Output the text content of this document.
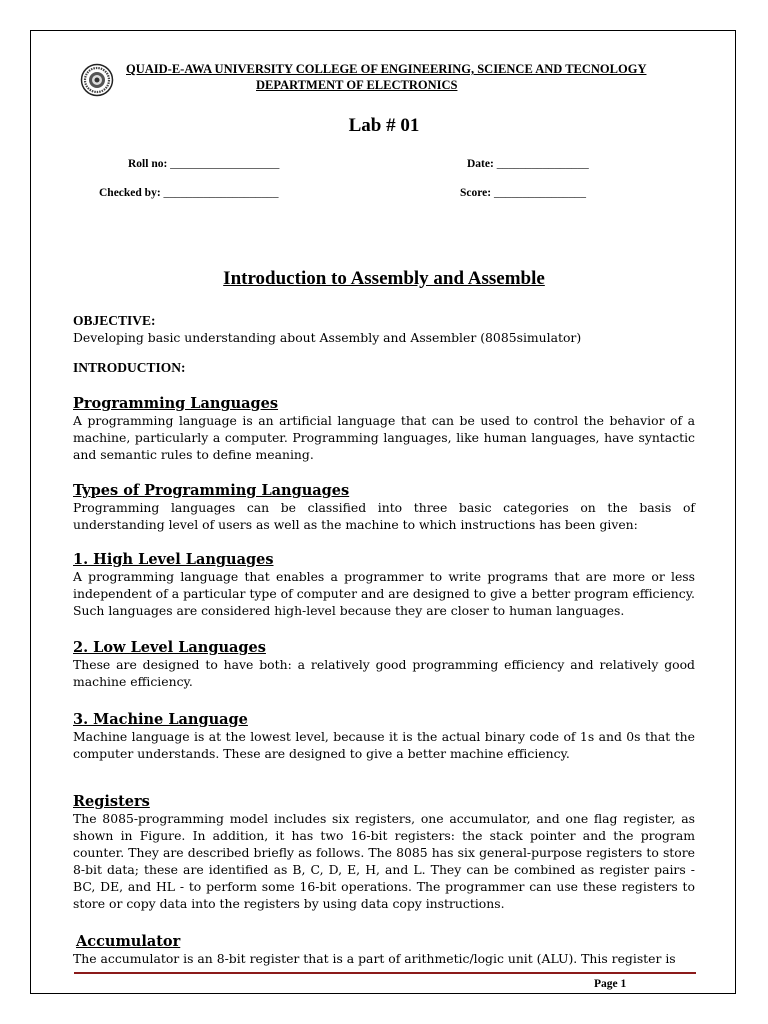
QUAID-E-AWA UNIVERSITY COLLEGE OF ENGINEERING, SCIENCE AND TECNOLOGY
DEPARTMENT OF ELECTRONICS
Lab # 01
Roll no: ___________________	Date: ________________
Checked by: ____________________	Score: ________________
Introduction to Assembly and Assemble
OBJECTIVE:

Developing basic understanding about Assembly and Assembler (8085simulator)

INTRODUCTION:

Programming Languages

A programming language is an artificial language that can be used to control the behavior of a machine, particularly a computer. Programming languages, like human languages, have syntactic and semantic rules to define meaning.

Types of Programming Languages

Programming languages can be classified into three basic categories on the basis of understanding level of users as well as the machine to which instructions has been given:

1. High Level Languages

A programming language that enables a programmer to write programs that are more or less independent of a particular type of computer and are designed to give a better program efficiency. Such languages are considered high-level because they are closer to human languages.

2. Low Level Languages

These are designed to have both: a relatively good programming efficiency and relatively good machine efficiency.

3. Machine Language

Machine language is at the lowest level, because it is the actual binary code of 1s and 0s that the computer understands. These are designed to give a better machine efficiency.

Registers

The 8085-programming model includes six registers, one accumulator, and one flag register, as shown in Figure. In addition, it has two 16-bit registers: the stack pointer and the program counter. They are described briefly as follows. The 8085 has six general-purpose registers to store 8-bit data; these are identified as B, C, D, E, H, and L. They can be combined as register pairs - BC, DE, and HL - to perform some 16-bit operations. The programmer can use these registers to store or copy data into the registers by using data copy instructions.

Accumulator

The accumulator is an 8-bit register that is a part of arithmetic/logic unit (ALU). This register is

Page 1
